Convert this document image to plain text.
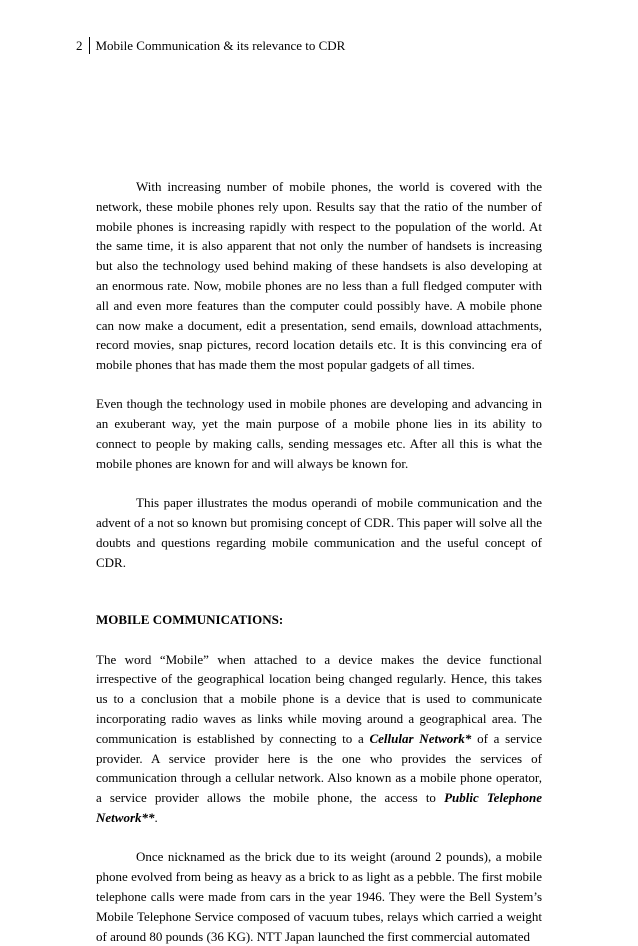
2 Mobile Communication & its relevance to CDR

With increasing number of mobile phones, the world is covered with the network, these mobile phones rely upon. Results say that the ratio of the number of mobile phones is increasing rapidly with respect to the population of the world. At the same time, it is also apparent that not only the number of handsets is increasing but also the technology used behind making of these handsets is also developing at an enormous rate. Now, mobile phones are no less than a full fledged computer with all and even more features than the computer could possibly have. A mobile phone can now make a document, edit a presentation, send emails, download attachments, record movies, snap pictures, record location details etc. It is this convincing era of mobile phones that has made them the most popular gadgets of all times.

Even though the technology used in mobile phones are developing and advancing in an exuberant way, yet the main purpose of a mobile phone lies in its ability to connect to people by making calls, sending messages etc. After all this is what the mobile phones are known for and will always be known for.

This paper illustrates the modus operandi of mobile communication and the advent of a not so known but promising concept of CDR. This paper will solve all the doubts and questions regarding mobile communication and the useful concept of CDR.

MOBILE COMMUNICATIONS:

The word “Mobile” when attached to a device makes the device functional irrespective of the geographical location being changed regularly. Hence, this takes us to a conclusion that a mobile phone is a device that is used to communicate incorporating radio waves as links while moving around a geographical area. The communication is established by connecting to a Cellular Network* of a service provider. A service provider here is the one who provides the services of communication through a cellular network. Also known as a mobile phone operator, a service provider allows the mobile phone, the access to Public Telephone Network**.

Once nicknamed as the brick due to its weight (around 2 pounds), a mobile phone evolved from being as heavy as a brick to as light as a pebble. The first mobile telephone calls were made from cars in the year 1946. They were the Bell System’s Mobile Telephone Service composed of vacuum tubes, relays which carried a weight of around 80 pounds (36 KG). NTT Japan launched the first commercial automated
